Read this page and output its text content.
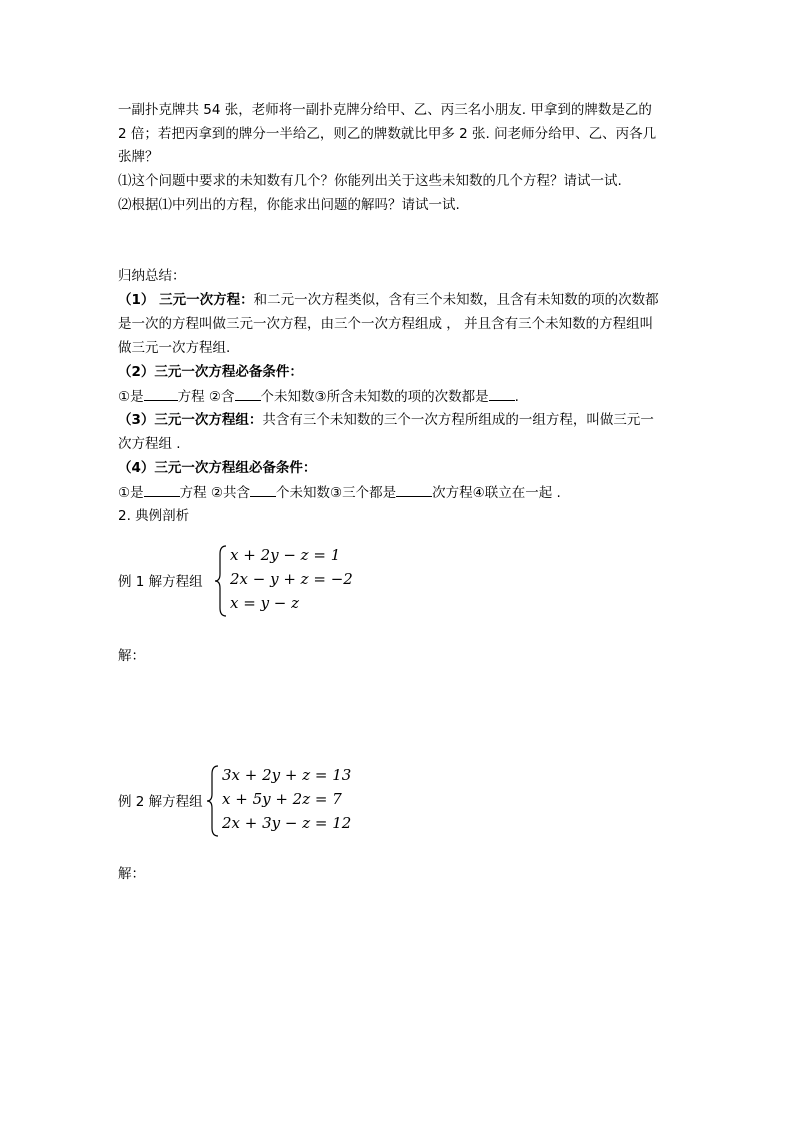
一副扑克牌共 54 张，老师将一副扑克牌分给甲、乙、丙三名小朋友. 甲拿到的牌数是乙的
2 倍；若把丙拿到的牌分一半给乙，则乙的牌数就比甲多 2 张. 问老师分给甲、乙、丙各几
张牌？
⑴这个问题中要求的未知数有几个？你能列出关于这些未知数的几个方程？请试一试.
⑵根据⑴中列出的方程，你能求出问题的解吗？请试一试.
归纳总结：
（1） 三元一次方程：和二元一次方程类似，含有三个未知数，且含有未知数的项的次数都
是一次的方程叫做三元一次方程，由三个一次方程组成 ， 并且含有三个未知数的方程组叫
做三元一次方程组.
（2）三元一次方程必备条件：
①是	方程 ②含 个未知数③所含未知数的项的次数都是 .
（3）三元一次方程组：共含有三个未知数的三个一次方程所组成的一组方程，叫做三元一
次方程组 .
（4）三元一次方程组必备条件：
①是	方程 ②共含 个未知数③三个都是	次方程④联立在一起 .
2. 典例剖析
例 1 解方程组
x + 2y − z = 1
2x − y + z = −2
x = y − z
解：
例 2 解方程组
3x + 2y + z = 13
x + 5y + 2z = 7
2x + 3y − z = 12
解：
